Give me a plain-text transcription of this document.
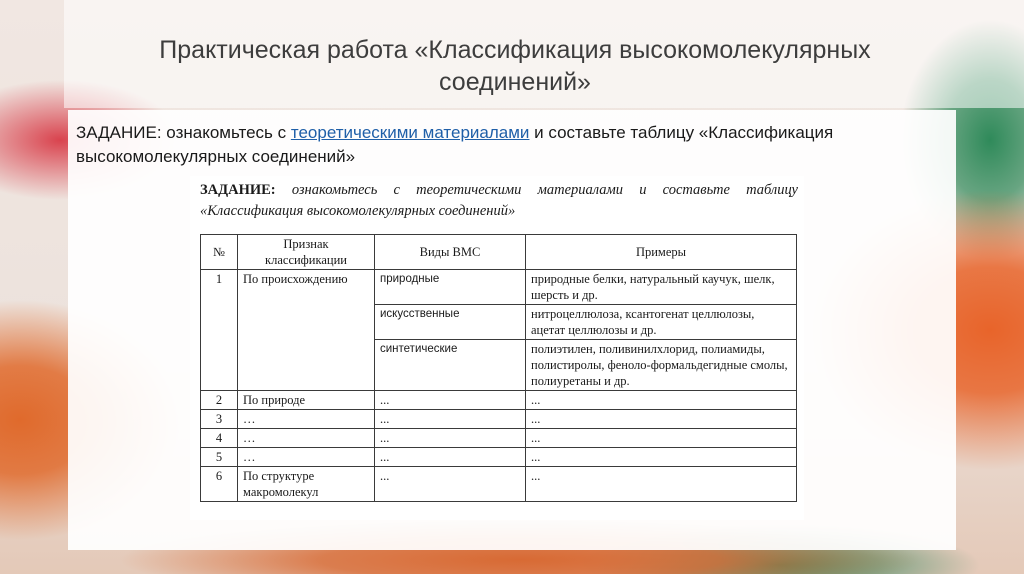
Практическая работа «Классификация высокомолекулярных соединений»
ЗАДАНИЕ: ознакомьтесь с теоретическими материалами и составьте таблицу «Классификация высокомолекулярных соединений»
ЗАДАНИЕ: ознакомьтесь с теоретическими материалами и составьте таблицу «Классификация высокомолекулярных соединений»
№	Признак классификации	Виды ВМС	Примеры
1	По происхождению	природные	природные белки, натуральный каучук, шелк, шерсть и др.
		искусственные	нитроцеллюлоза, ксантогенат целлюлозы, ацетат целлюлозы и др.
		синтетические	полиэтилен, поливинилхлорид, полиамиды, полистиролы, феноло-формальдегидные смолы, полиуретаны и др.
2	По природе	...	...
3	…	...	...
4	…	...	...
5	…	...	...
6	По структуре макромолекул	...	...
